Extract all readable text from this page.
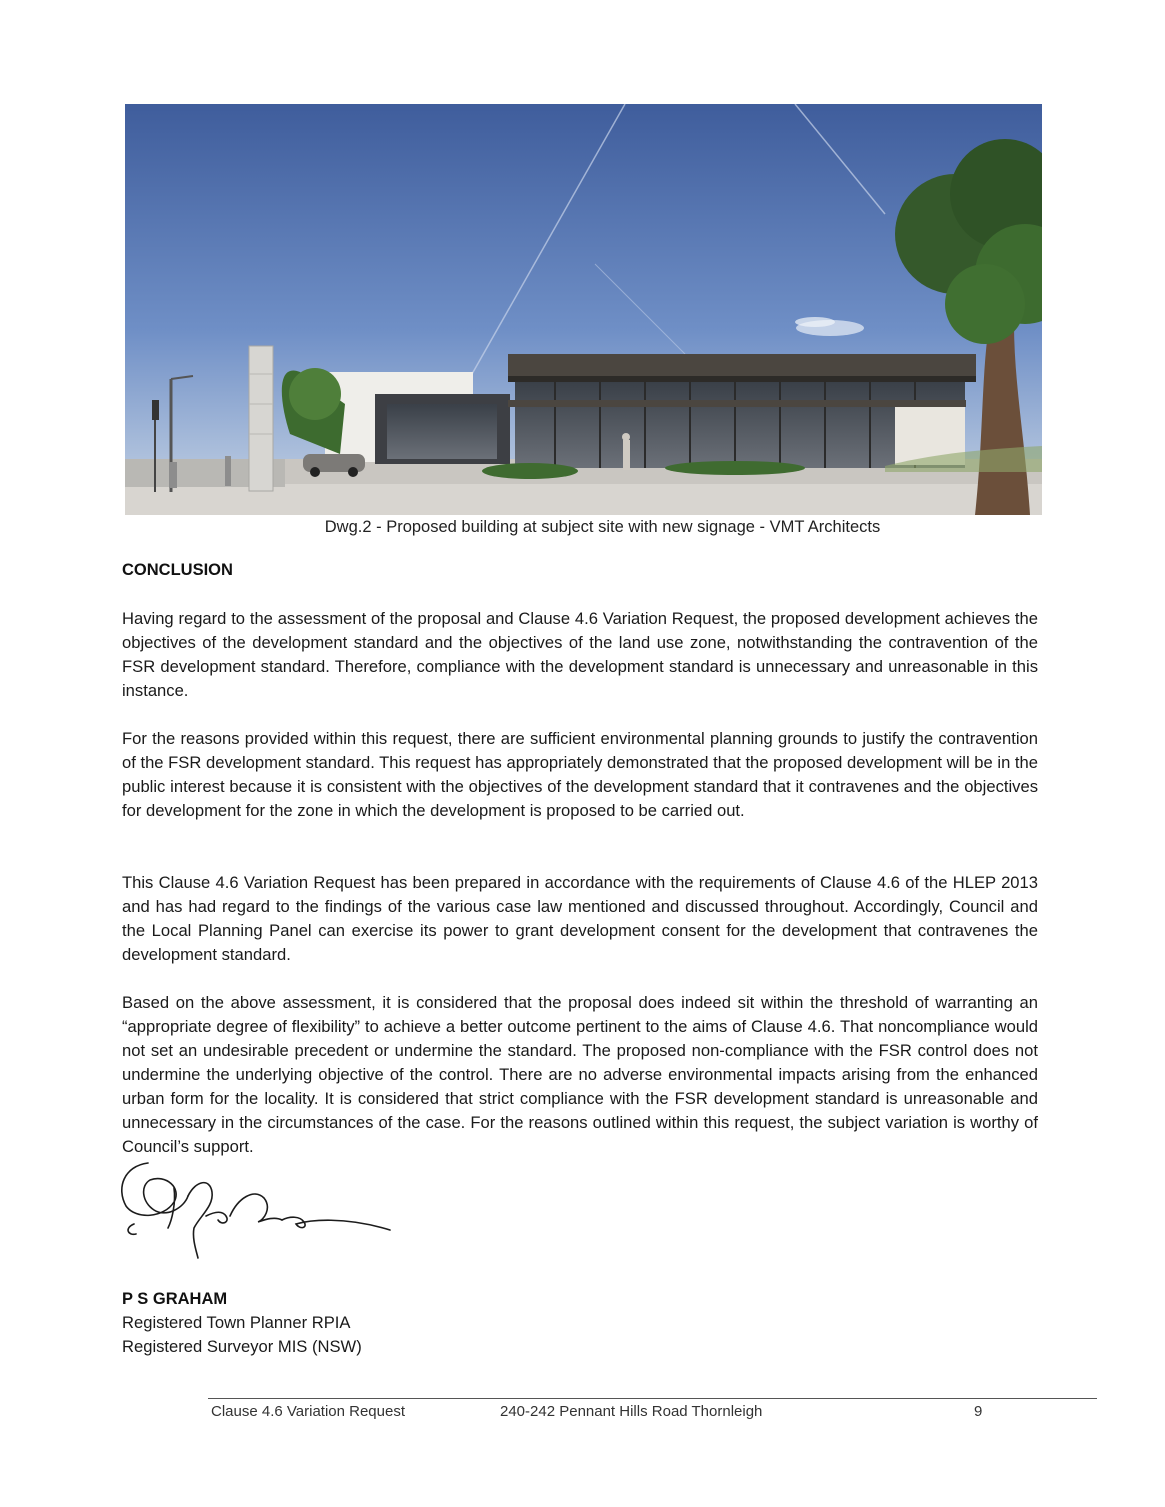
Dwg.2 - Proposed building at subject site with new signage - VMT Architects
CONCLUSION

Having regard to the assessment of the proposal and Clause 4.6 Variation Request, the proposed development achieves the objectives of the development standard and the objectives of the land use zone, notwithstanding the contravention of the FSR development standard. Therefore, compliance with the development standard is unnecessary and unreasonable in this instance.

For the reasons provided within this request, there are sufficient environmental planning grounds to justify the contravention of the FSR development standard. This request has appropriately demonstrated that the proposed development will be in the public interest because it is consistent with the objectives of the development standard that it contravenes and the objectives for development for the zone in which the development is proposed to be carried out.

This Clause 4.6 Variation Request has been prepared in accordance with the requirements of Clause 4.6 of the HLEP 2013 and has had regard to the findings of the various case law mentioned and discussed throughout. Accordingly, Council and the Local Planning Panel can exercise its power to grant development consent for the development that contravenes the development standard.

Based on the above assessment, it is considered that the proposal does indeed sit within the threshold of warranting an “appropriate degree of flexibility” to achieve a better outcome pertinent to the aims of Clause 4.6. That noncompliance would not set an undesirable precedent or undermine the standard. The proposed non-compliance with the FSR control does not undermine the underlying objective of the control. There are no adverse environmental impacts arising from the enhanced urban form for the locality. It is considered that strict compliance with the FSR development standard is unreasonable and unnecessary in the circumstances of the case. For the reasons outlined within this request, the subject variation is worthy of Council’s support.

P S GRAHAM
Registered Town Planner RPIA
Registered Surveyor MIS (NSW)
Clause 4.6 Variation Request	240-242 Pennant Hills Road Thornleigh	9
